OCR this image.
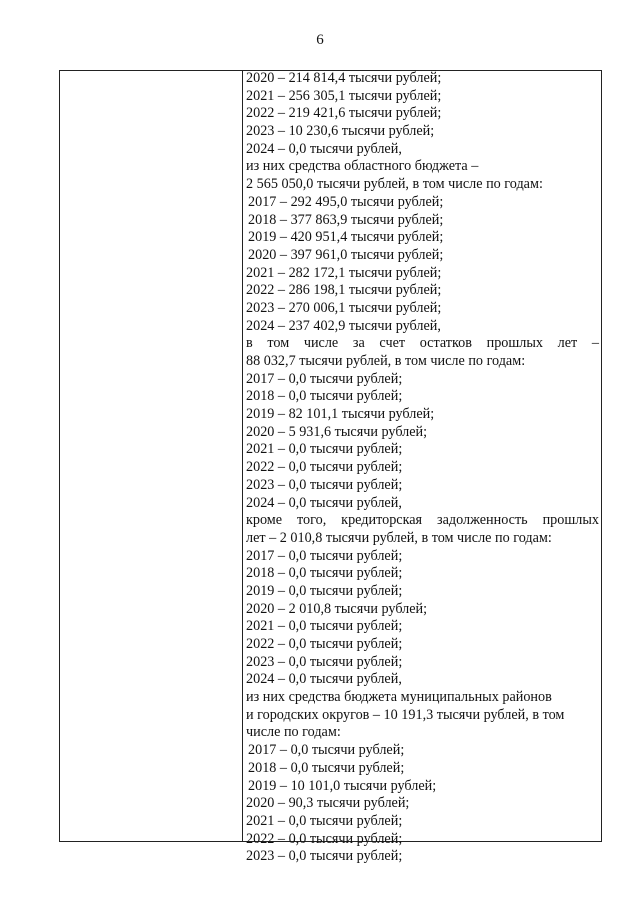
6
2020 – 214 814,4 тысячи рублей;
2021 – 256 305,1 тысячи рублей;
2022 – 219 421,6 тысячи рублей;
2023 – 10 230,6 тысячи рублей;
2024 – 0,0 тысячи рублей,
из них средства областного бюджета –
2 565 050,0 тысячи рублей, в том числе по годам:
2017 – 292 495,0 тысячи рублей;
2018 – 377 863,9 тысячи рублей;
2019 – 420 951,4 тысячи рублей;
2020 – 397 961,0 тысячи рублей;
2021 – 282 172,1 тысячи рублей;
2022 – 286 198,1 тысячи рублей;
2023 – 270 006,1 тысячи рублей;
2024 – 237 402,9 тысячи рублей,
в том числе за счет остатков прошлых лет –
88 032,7 тысячи рублей, в том числе по годам:
2017 – 0,0 тысячи рублей;
2018 – 0,0 тысячи рублей;
2019 – 82 101,1 тысячи рублей;
2020 – 5 931,6 тысячи рублей;
2021 – 0,0 тысячи рублей;
2022 – 0,0 тысячи рублей;
2023 – 0,0 тысячи рублей;
2024 – 0,0 тысячи рублей,
кроме того, кредиторская задолженность прошлых
лет – 2 010,8 тысячи рублей, в том числе по годам:
2017 – 0,0 тысячи рублей;
2018 – 0,0 тысячи рублей;
2019 – 0,0 тысячи рублей;
2020 – 2 010,8 тысячи рублей;
2021 – 0,0 тысячи рублей;
2022 – 0,0 тысячи рублей;
2023 – 0,0 тысячи рублей;
2024 – 0,0 тысячи рублей,
из них средства бюджета муниципальных районов
и городских округов – 10 191,3 тысячи рублей, в том
числе по годам:
2017 – 0,0 тысячи рублей;
2018 – 0,0 тысячи рублей;
2019 – 10 101,0 тысячи рублей;
2020 – 90,3 тысячи рублей;
2021 – 0,0 тысячи рублей;
2022 – 0,0 тысячи рублей;
2023 – 0,0 тысячи рублей;
